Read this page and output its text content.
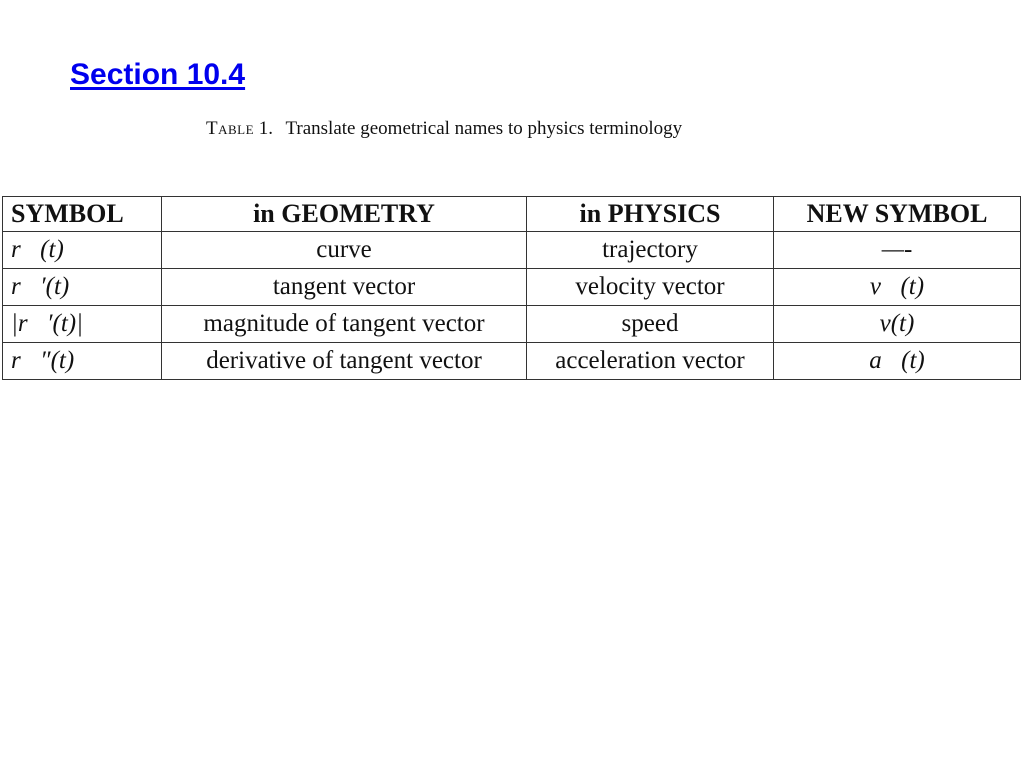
Section 10.4
Table 1. Translate geometrical names to physics terminology
SYMBOL	in GEOMETRY	in PHYSICS	NEW SYMBOL
r⃗(t)	curve	trajectory	—-
r⃗′(t)	tangent vector	velocity vector	v⃗(t)
|r⃗′(t)|	magnitude of tangent vector	speed	v(t)
r⃗″(t)	derivative of tangent vector	acceleration vector	a⃗(t)
